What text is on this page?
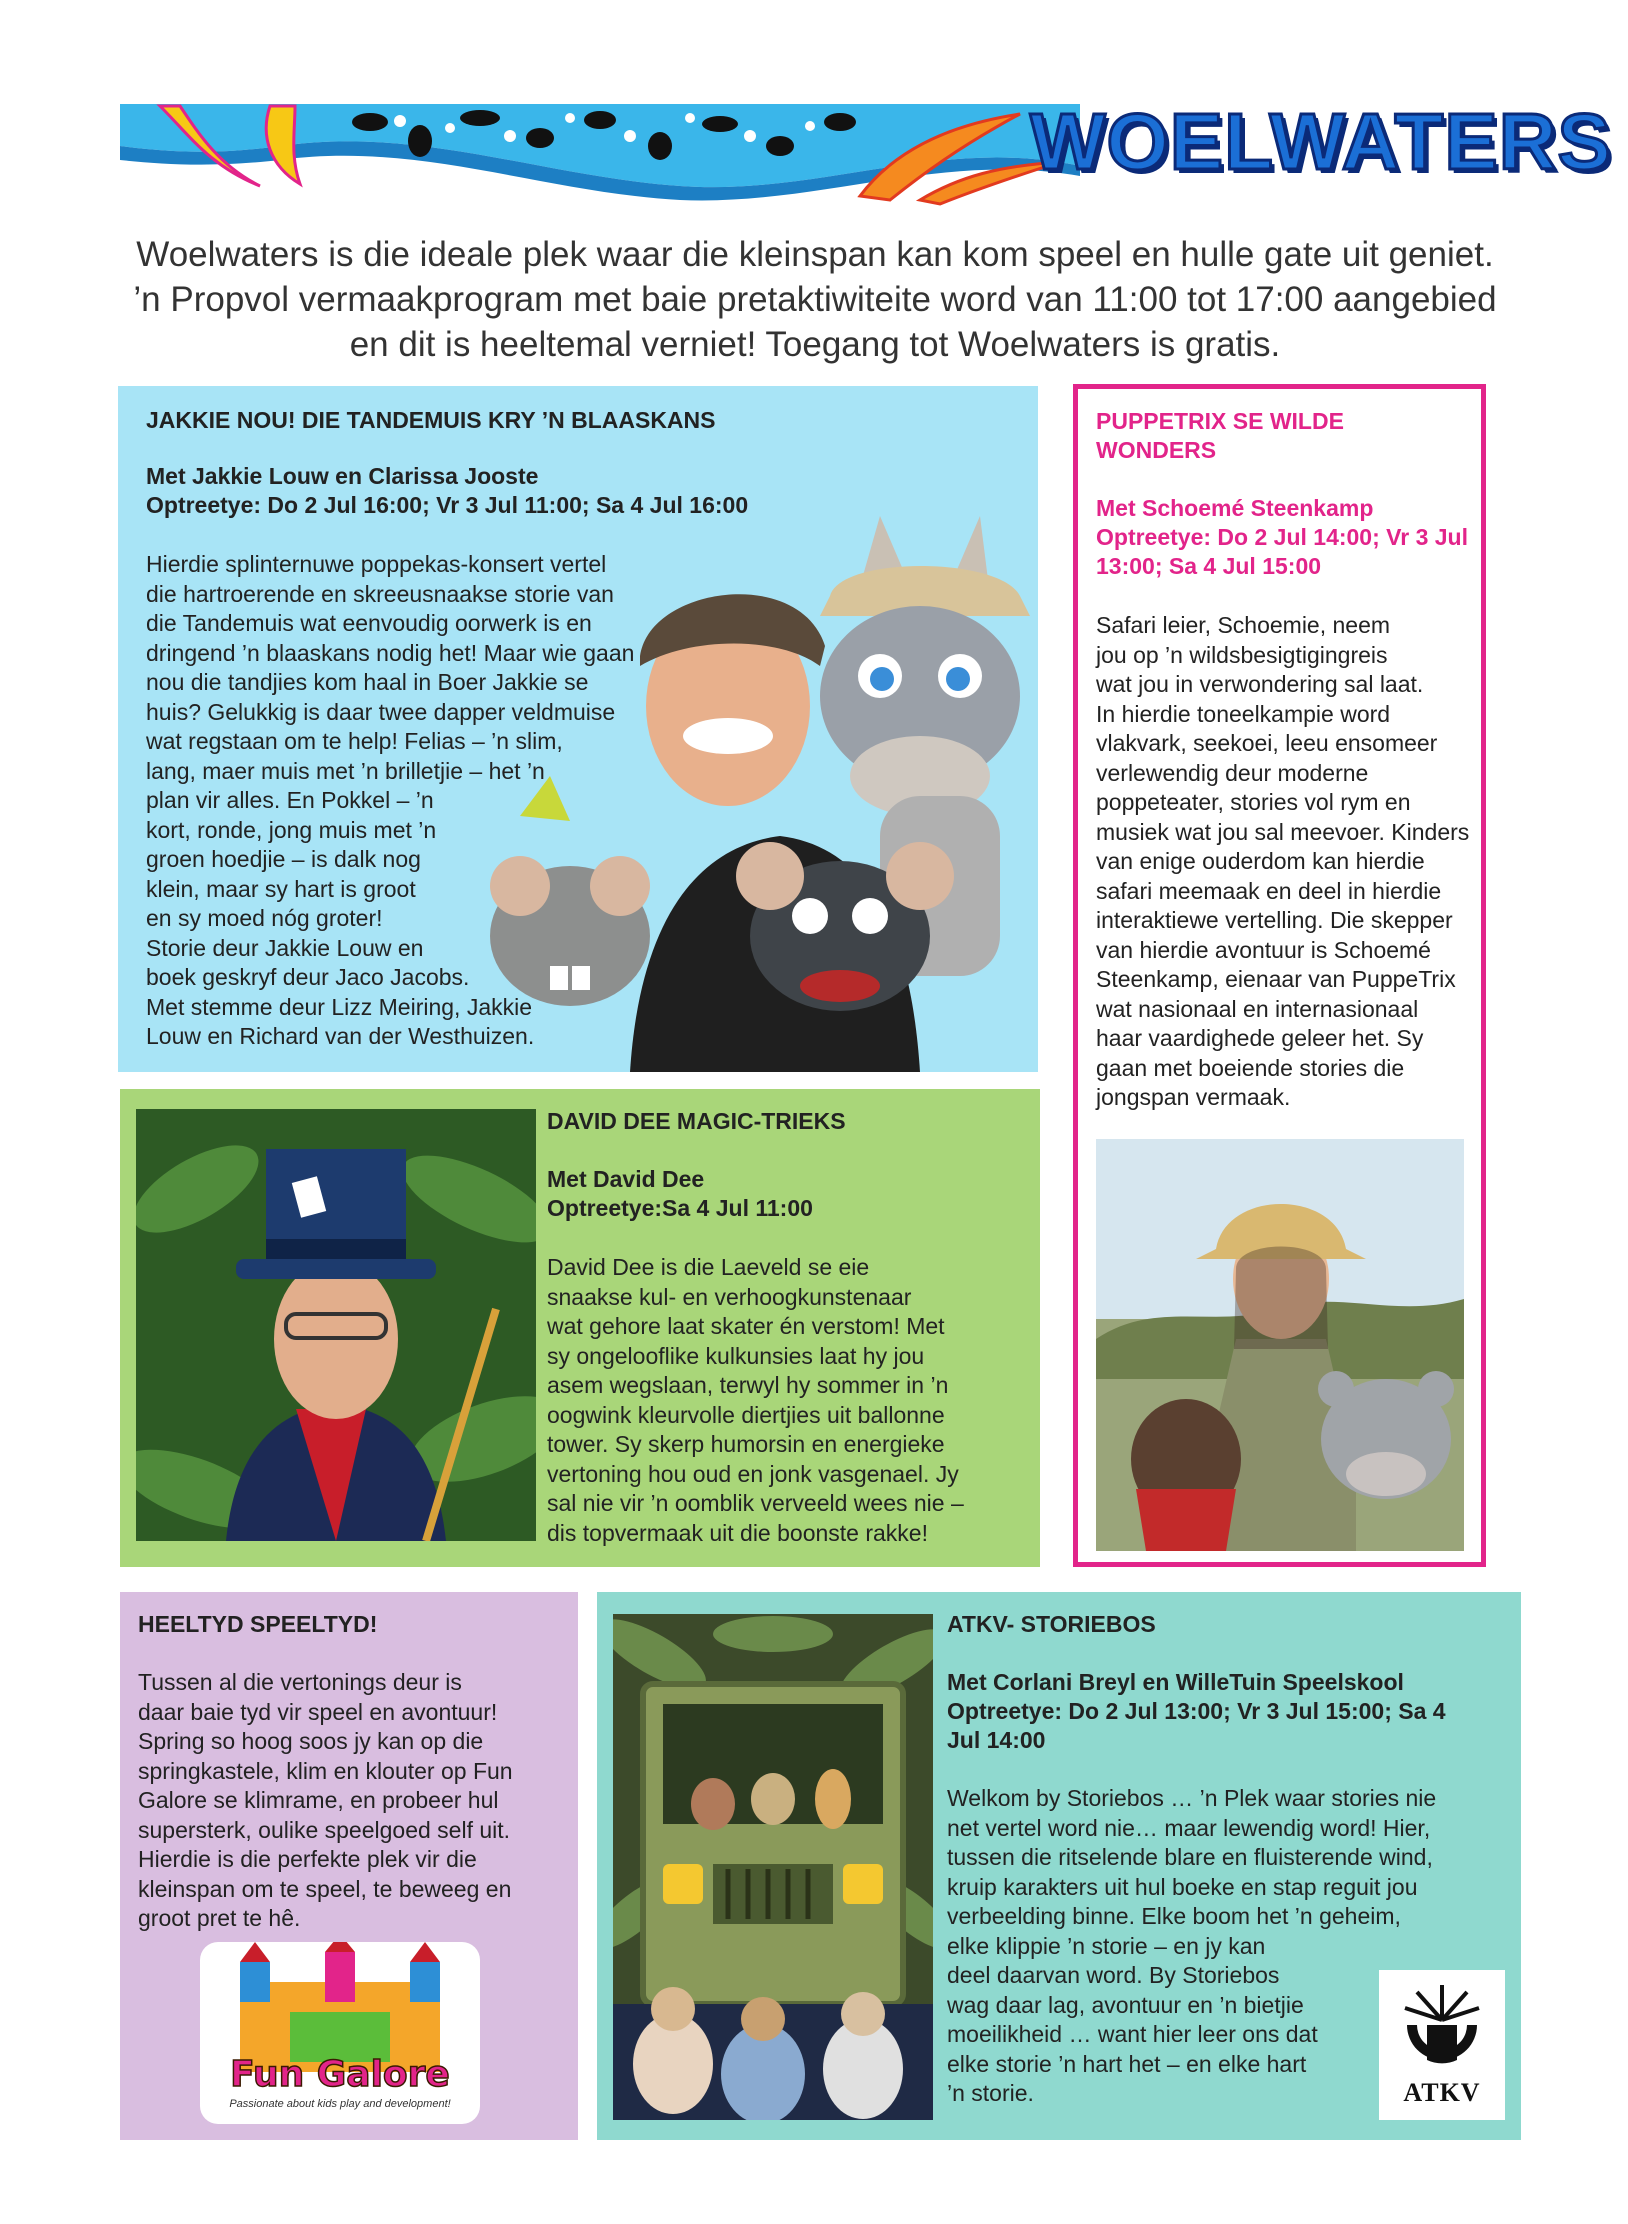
WOELWATERS
Woelwaters is die ideale plek waar die kleinspan kan kom speel en hulle gate uit geniet. ’n Propvol vermaakprogram met baie pretaktiwiteite word van 11:00 tot 17:00 aangebied en dit is heeltemal verniet! Toegang tot Woelwaters is gratis.
JAKKIE NOU! DIE TANDEMUIS KRY ’N BLAASKANS
Met Jakkie Louw en Clarissa Jooste
Optreetye: Do 2 Jul 16:00; Vr 3 Jul 11:00; Sa 4 Jul 16:00
Hierdie splinternuwe poppekas-konsert vertel
die hartroerende en skreeusnaakse storie van
die Tandemuis wat eenvoudig oorwerk is en
dringend ’n blaaskans nodig het! Maar wie gaan
nou die tandjies kom haal in Boer Jakkie se
huis? Gelukkig is daar twee dapper veldmuise
wat regstaan om te help! Felias – ’n slim,
lang, maer muis met ’n brilletjie – het ’n
plan vir alles. En Pokkel – ’n
kort, ronde, jong muis met ’n
groen hoedjie – is dalk nog
klein, maar sy hart is groot
en sy moed nóg groter!
Storie deur Jakkie Louw en
boek geskryf deur Jaco Jacobs.
Met stemme deur Lizz Meiring, Jakkie
Louw en Richard van der Westhuizen.
PUPPETRIX SE WILDE
WONDERS
Met Schoemé Steenkamp
Optreetye: Do 2 Jul 14:00; Vr 3 Jul
13:00; Sa 4 Jul 15:00
Safari leier, Schoemie, neem
jou op ’n wildsbesigtigingreis
wat jou in verwondering sal laat.
In hierdie toneelkampie word
vlakvark, seekoei, leeu ensomeer
verlewendig deur moderne
poppeteater, stories vol rym en
musiek wat jou sal meevoer. Kinders
van enige ouderdom kan hierdie
safari meemaak en deel in hierdie
interaktiewe vertelling. Die skepper
van hierdie avontuur is Schoemé
Steenkamp, eienaar van PuppeTrix
wat nasionaal en internasionaal
haar vaardighede geleer het. Sy
gaan met boeiende stories die
jongspan vermaak.
DAVID DEE MAGIC-TRIEKS
Met David Dee
Optreetye:Sa 4 Jul 11:00
David Dee is die Laeveld se eie
snaakse kul- en verhoogkunstenaar
wat gehore laat skater én verstom! Met
sy ongelooflike kulkunsies laat hy jou
asem wegslaan, terwyl hy sommer in ’n
oogwink kleurvolle diertjies uit ballonne
tower. Sy skerp humorsin en energieke
vertoning hou oud en jonk vasgenael. Jy
sal nie vir ’n oomblik verveeld wees nie –
dis topvermaak uit die boonste rakke!
HEELTYD SPEELTYD!
Tussen al die vertonings deur is
daar baie tyd vir speel en avontuur!
Spring so hoog soos jy kan op die
springkastele, klim en klouter op Fun
Galore se klimrame, en probeer hul
supersterk, oulike speelgoed self uit.
Hierdie is die perfekte plek vir die
kleinspan om te speel, te beweeg en
groot pret te hê.
Fun Galore
Passionate about kids play and development!
ATKV- STORIEBOS
Met Corlani Breyl en WilleTuin Speelskool
Optreetye: Do 2 Jul 13:00; Vr 3 Jul 15:00; Sa 4
Jul 14:00
Welkom by Storiebos … ’n Plek waar stories nie
net vertel word nie… maar lewendig word! Hier,
tussen die ritselende blare en fluisterende wind,
kruip karakters uit hul boeke en stap reguit jou
verbeelding binne. Elke boom het ’n geheim,
elke klippie ’n storie – en jy kan
deel daarvan word. By Storiebos
wag daar lag, avontuur en ’n bietjie
moeilikheid … want hier leer ons dat
elke storie ’n hart het – en elke hart
’n storie.	ATKV
